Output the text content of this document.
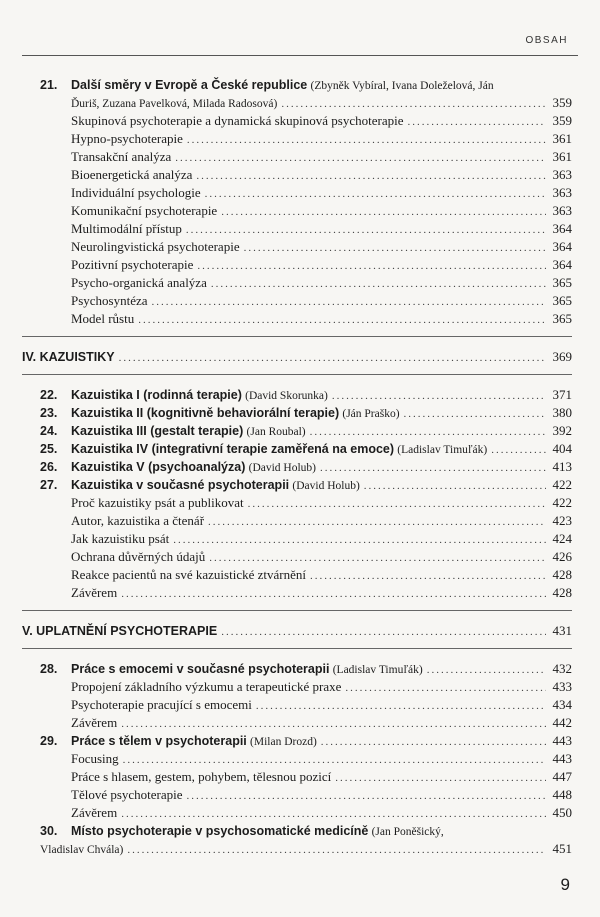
OBSAH
21.	Další směry v Evropě a České republice (Zbyněk Vybíral, Ivana Doleželová, Ján
Ďuriš, Zuzana Pavelková, Milada Radosová) .....	359
Skupinová psychoterapie a dynamická skupinová psychoterapie .....	359
Hypno-psychoterapie .....	361
Transakční analýza .....	361
Bioenergetická analýza .....	363
Individuální psychologie .....	363
Komunikační psychoterapie .....	363
Multimodální přístup .....	364
Neurolingvistická psychoterapie .....	364
Pozitivní psychoterapie .....	364
Psycho-organická analýza .....	365
Psychosyntéza .....	365
Model růstu .....	365
IV. KAZUISTIKY .....	369
22.	Kazuistika I (rodinná terapie) (David Skorunka) .....	371
23.	Kazuistika II (kognitivně behaviorální terapie) (Ján Praško) .....	380
24.	Kazuistika III (gestalt terapie) (Jan Roubal) .....	392
25.	Kazuistika IV (integrativní terapie zaměřená na emoce) (Ladislav Timuľák) .....	404
26.	Kazuistika V (psychoanalýza) (David Holub) .....	413
27.	Kazuistika v současné psychoterapii (David Holub) .....	422
Proč kazuistiky psát a publikovat .....	422
Autor, kazuistika a čtenář .....	423
Jak kazuistiku psát .....	424
Ochrana důvěrných údajů .....	426
Reakce pacientů na své kazuistické ztvárnění .....	428
Závěrem .....	428
V. UPLATNĚNÍ PSYCHOTERAPIE .....	431
28.	Práce s emocemi v současné psychoterapii (Ladislav Timuľák) .....	432
Propojení základního výzkumu a terapeutické praxe .....	433
Psychoterapie pracující s emocemi .....	434
Závěrem .....	442
29.	Práce s tělem v psychoterapii (Milan Drozd) .....	443
Focusing .....	443
Práce s hlasem, gestem, pohybem, tělesnou pozicí .....	447
Tělové psychoterapie .....	448
Závěrem .....	450
30.	Místo psychoterapie v psychosomatické medicíně (Jan Poněšický,
Vladislav Chvála) .....	451
9
